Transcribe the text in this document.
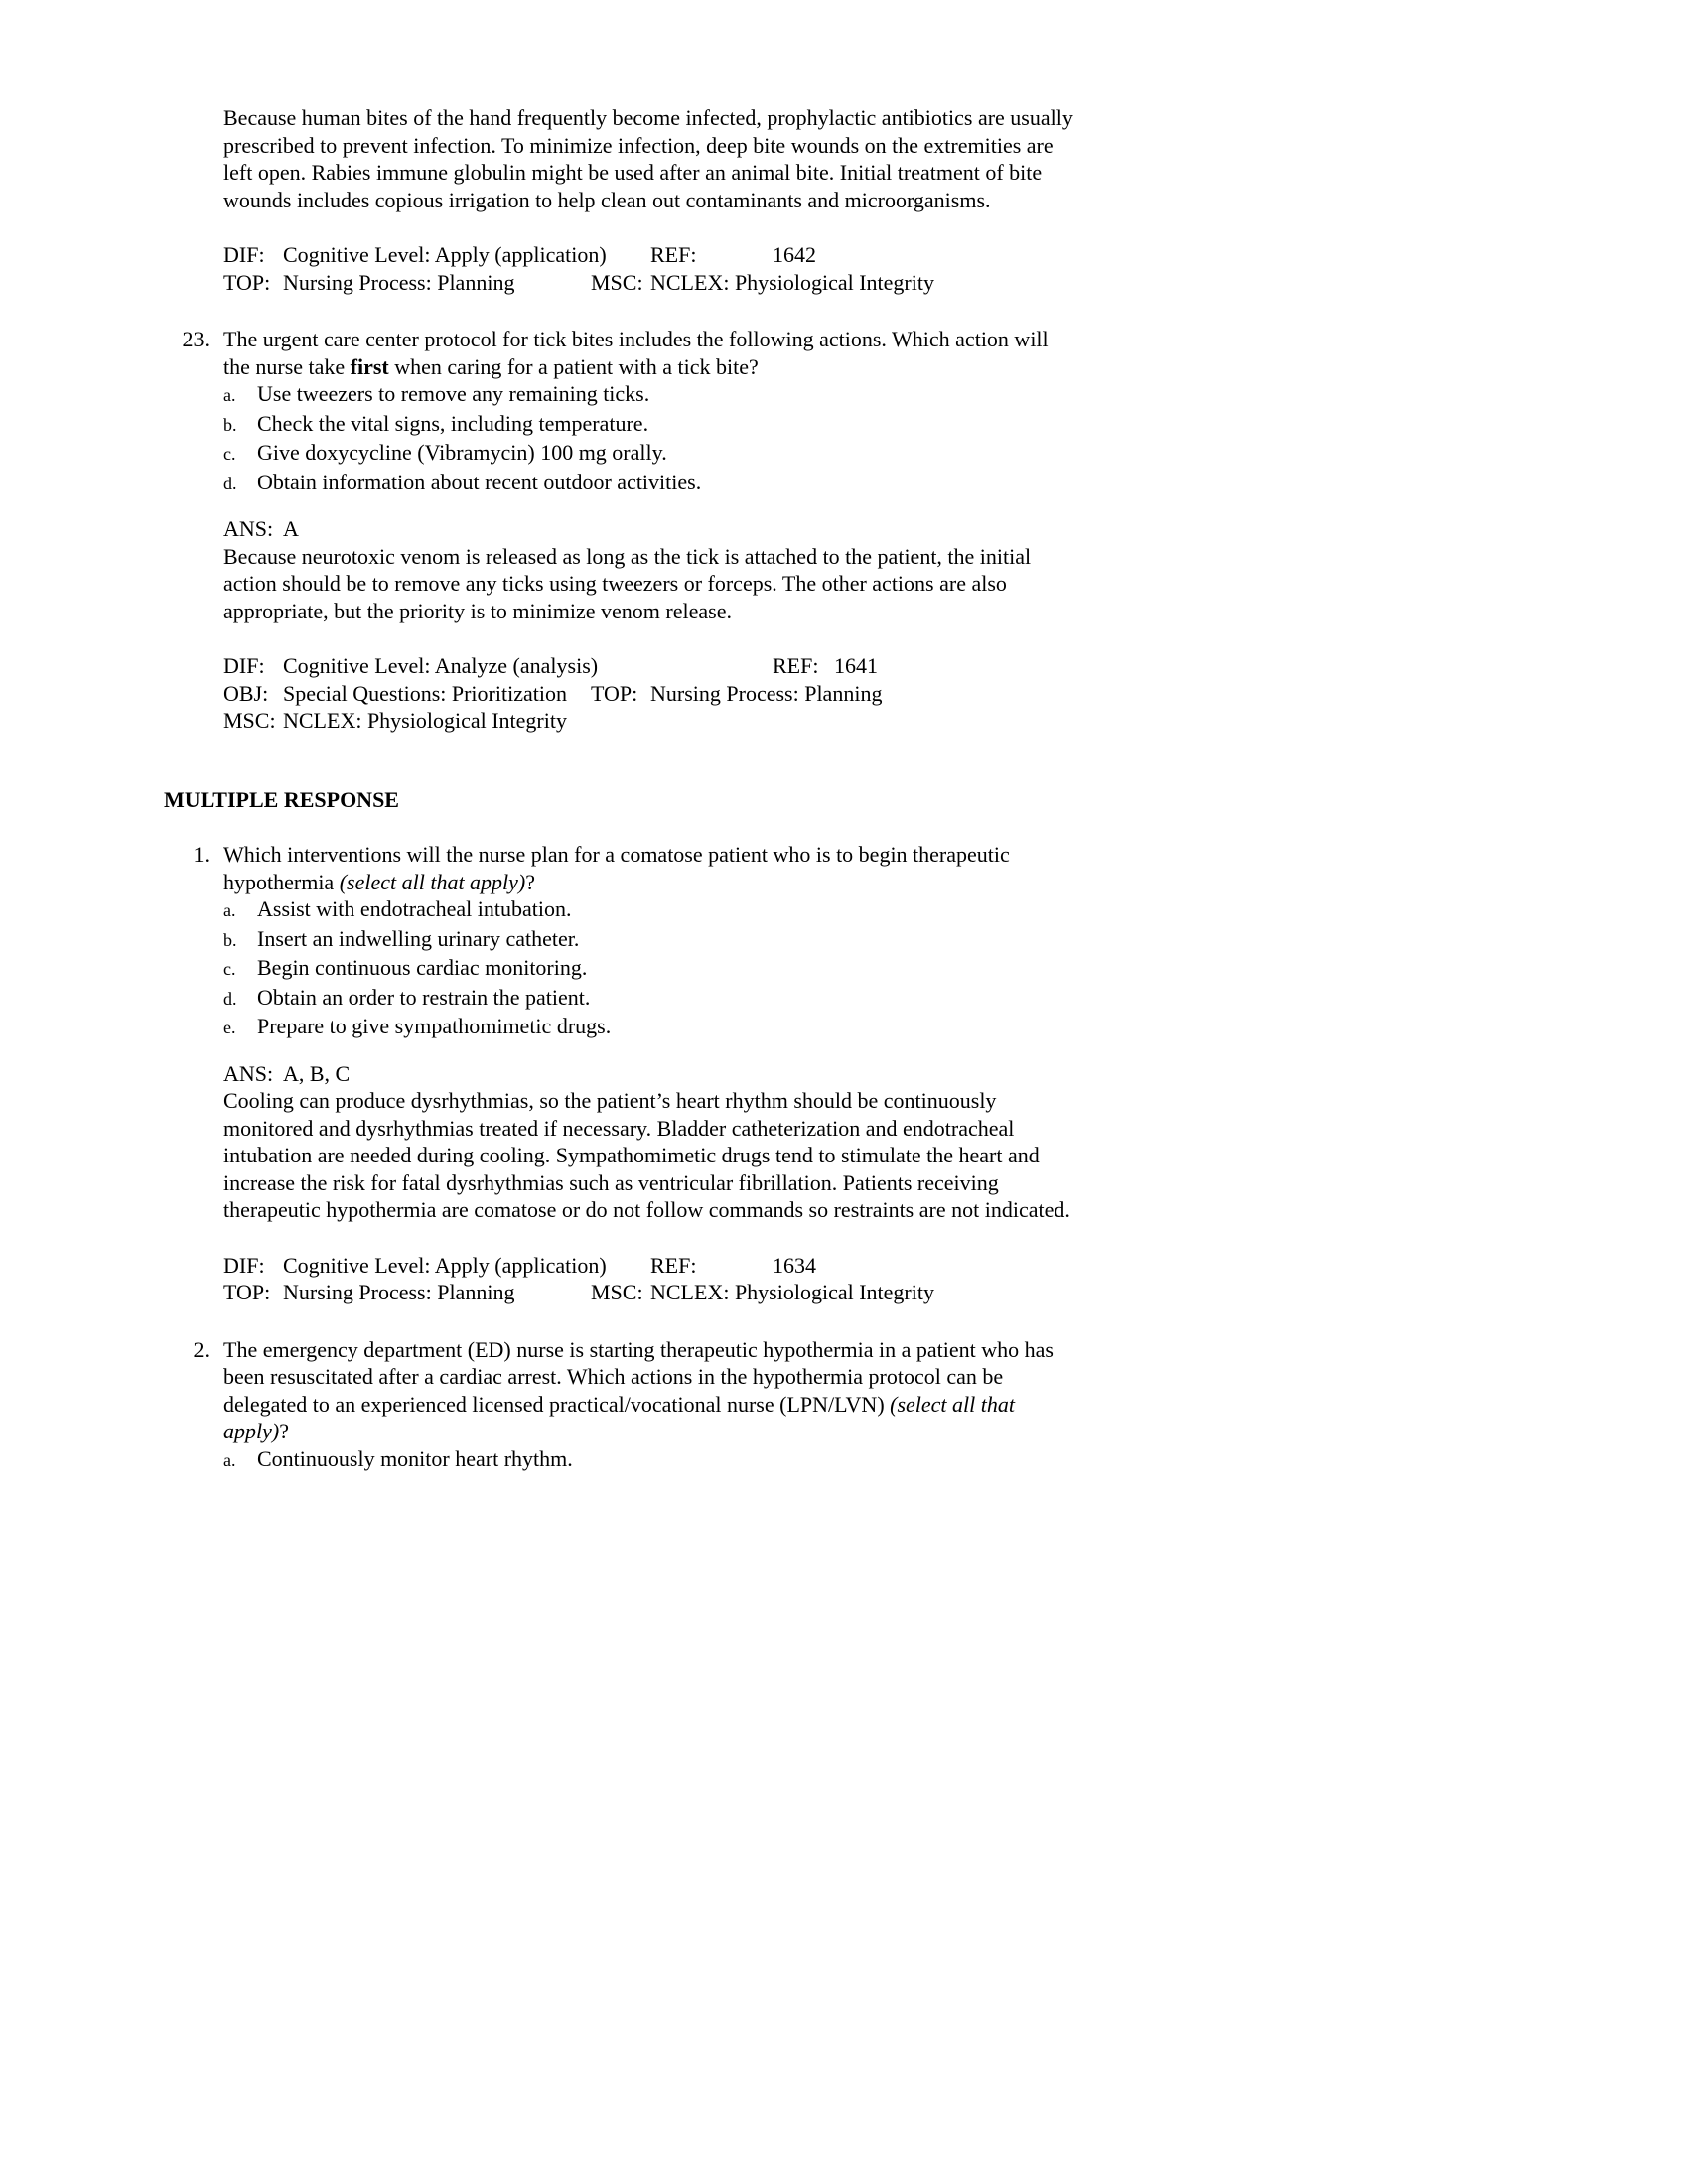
Because human bites of the hand frequently become infected, prophylactic antibiotics are usually prescribed to prevent infection. To minimize infection, deep bite wounds on the extremities are left open. Rabies immune globulin might be used after an animal bite. Initial treatment of bite wounds includes copious irrigation to help clean out contaminants and microorganisms.

DIF: Cognitive Level: Apply (application) REF:	1642
TOP: Nursing Process: Planning	MSC: NCLEX: Physiological Integrity
23. The urgent care center protocol for tick bites includes the following actions. Which action will the nurse take first when caring for a patient with a tick bite?
a. Use tweezers to remove any remaining ticks.
b. Check the vital signs, including temperature.
c. Give doxycycline (Vibramycin) 100 mg orally.
d. Obtain information about recent outdoor activities.
ANS: A

Because neurotoxic venom is released as long as the tick is attached to the patient, the initial action should be to remove any ticks using tweezers or forceps. The other actions are also appropriate, but the priority is to minimize venom release.

DIF: Cognitive Level: Analyze (analysis)	REF: 1641
OBJ: Special Questions: Prioritization TOP: Nursing Process: Planning
MSC: NCLEX: Physiological Integrity
MULTIPLE RESPONSE
1. Which interventions will the nurse plan for a comatose patient who is to begin therapeutic hypothermia (select all that apply)?
a. Assist with endotracheal intubation.
b. Insert an indwelling urinary catheter.
c. Begin continuous cardiac monitoring.
d. Obtain an order to restrain the patient.
e. Prepare to give sympathomimetic drugs.
ANS: A, B, C

Cooling can produce dysrhythmias, so the patient’s heart rhythm should be continuously monitored and dysrhythmias treated if necessary. Bladder catheterization and endotracheal intubation are needed during cooling. Sympathomimetic drugs tend to stimulate the heart and increase the risk for fatal dysrhythmias such as ventricular fibrillation. Patients receiving therapeutic hypothermia are comatose or do not follow commands so restraints are not indicated.

DIF: Cognitive Level: Apply (application) REF:	1634
TOP: Nursing Process: Planning	MSC: NCLEX: Physiological Integrity
2. The emergency department (ED) nurse is starting therapeutic hypothermia in a patient who has been resuscitated after a cardiac arrest. Which actions in the hypothermia protocol can be delegated to an experienced licensed practical/vocational nurse (LPN/LVN) (select all that apply)?
a. Continuously monitor heart rhythm.
